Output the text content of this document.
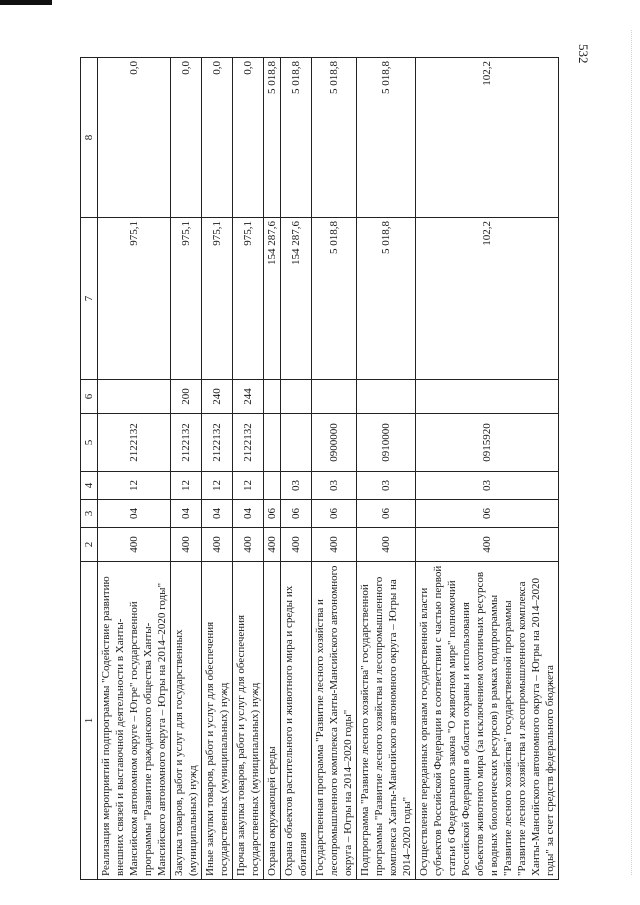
532
1	2	3	4	5	6	7	8
Реализация мероприятий подпрограммы "Содействие развитию внешних связей и выставочной деятельности в Ханты-Мансийском автономном округе – Югре" государственной программы "Развитие гражданского общества Ханты-Мансийского автономного округа – Югры на 2014–2020 годы"	400	04	12	2122132		975,1	0,0
Закупка товаров, работ и услуг для государственных (муниципальных) нужд	400	04	12	2122132	200	975,1	0,0
Иные закупки товаров, работ и услуг для обеспечения государственных (муниципальных) нужд	400	04	12	2122132	240	975,1	0,0
Прочая закупка товаров, работ и услуг для обеспечения государственных (муниципальных) нужд	400	04	12	2122132	244	975,1	0,0
Охрана окружающей среды	400	06				154 287,6	5 018,8
Охрана объектов растительного и животного мира и среды их обитания	400	06	03			154 287,6	5 018,8
Государственная программа "Развитие лесного хозяйства и лесопромышленного комплекса Ханты-Мансийского автономного округа – Югры на 2014–2020 годы"	400	06	03	0900000		5 018,8	5 018,8
Подпрограмма "Развитие лесного хозяйства" государственной программы "Развитие лесного хозяйства и лесопромышленного комплекса Ханты-Мансийского автономного округа – Югры на 2014–2020 годы"	400	06	03	0910000		5 018,8	5 018,8
Осуществление переданных органам государственной власти субъектов Российской Федерации в соответствии с частью первой статьи 6 Федерального закона "О животном мире" полномочий Российской Федерации в области охраны и использования объектов животного мира (за исключением охотничьих ресурсов и водных биологических ресурсов) в рамках подпрограммы "Развитие лесного хозяйства" государственной программы "Развитие лесного хозяйства и лесопромышленного комплекса Ханты-Мансийского автономного округа – Югры на 2014–2020 годы" за счет средств федерального бюджета	400	06	03	0915920		102,2	102,2
